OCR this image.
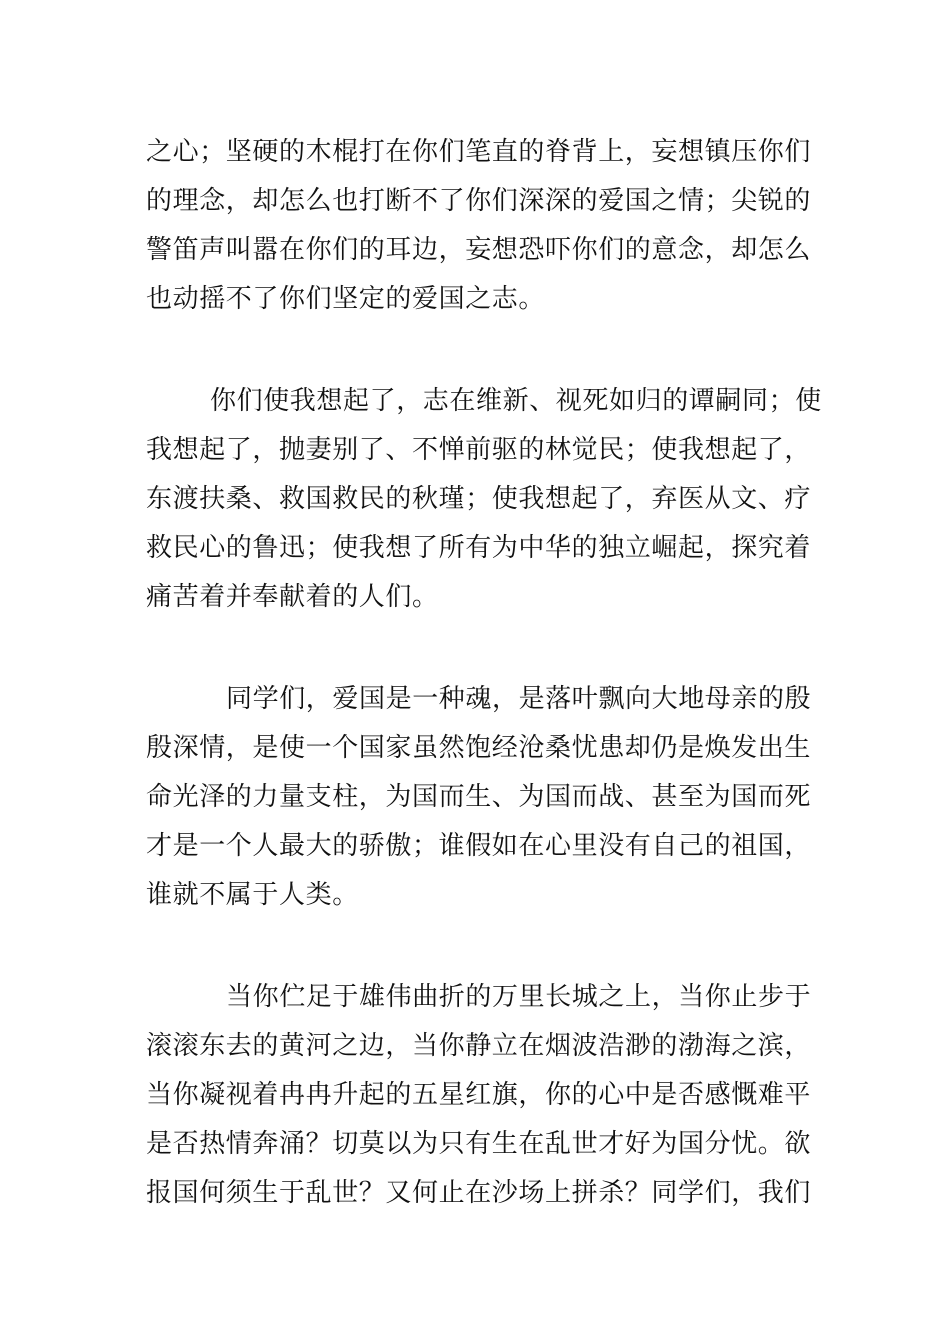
之心；坚硬的木棍打在你们笔直的脊背上，妄想镇压你们
的理念，却怎么也打断不了你们深深的爱国之情；尖锐的
警笛声叫嚣在你们的耳边，妄想恐吓你们的意念，却怎么
也动摇不了你们坚定的爱国之志。
你们使我想起了，志在维新、视死如归的谭嗣同；使
我想起了，抛妻别了、不惮前驱的林觉民；使我想起了，
东渡扶桑、救国救民的秋瑾；使我想起了，弃医从文、疗
救民心的鲁迅；使我想了所有为中华的独立崛起，探究着
痛苦着并奉献着的人们。
同学们，爱国是一种魂，是落叶飘向大地母亲的殷
殷深情，是使一个国家虽然饱经沧桑忧患却仍是焕发出生
命光泽的力量支柱，为国而生、为国而战、甚至为国而死
才是一个人最大的骄傲；谁假如在心里没有自己的祖国，
谁就不属于人类。
当你伫足于雄伟曲折的万里长城之上，当你止步于
滚滚东去的黄河之边，当你静立在烟波浩渺的渤海之滨，
当你凝视着冉冉升起的五星红旗，你的心中是否感慨难平
是否热情奔涌？切莫以为只有生在乱世才好为国分忧。欲
报国何须生于乱世？又何止在沙场上拼杀？同学们，我们
